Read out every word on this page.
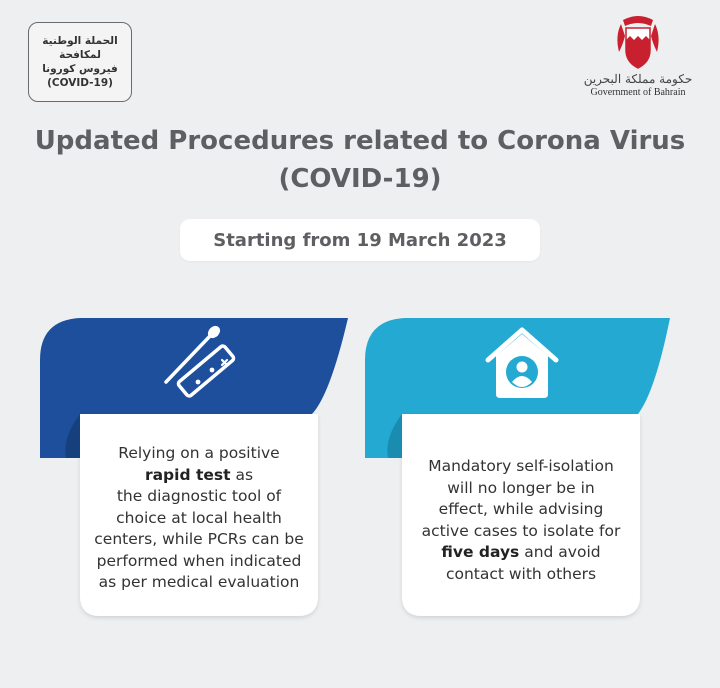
الحملة الوطنية
لمكافحة
فيروس كورونا
(COVID-19)	حكومة مملكة البحرين
Government of Bahrain
Updated Procedures related to Corona Virus
(COVID-19)
Starting from 19 March 2023
Relying on a positive
rapid test as
the diagnostic tool of
choice at local health
centers, while PCRs can be
performed when indicated
as per medical evaluation
Mandatory self-isolation
will no longer be in
effect, while advising
active cases to isolate for
five days and avoid
contact with others
